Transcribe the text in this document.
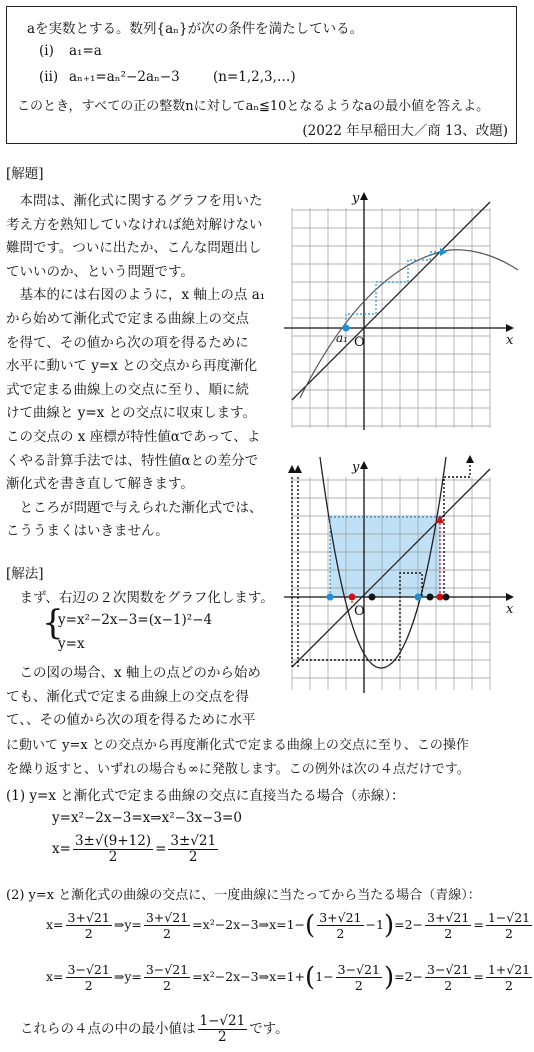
aを実数とする。数列{aₙ}が次の条件を満たしている。
(i) a₁=a
(ii) aₙ₊₁=aₙ²−2aₙ−3 (n=1,2,3,…)
このとき，すべての正の整数nに対してaₙ≦10となるようなaの最小値を答えよ。
(2022 年早稲田大／商 13、改題)
[解題]

　本問は、漸化式に関するグラフを用いた

考え方を熟知していなければ絶対解けない

難問です。ついに出たか、こんな問題出し

ていいのか、という問題です。

　基本的には右図のように，x 軸上の点 a₁

から始めて漸化式で定まる曲線上の交点

を得て、その値から次の項を得るために

水平に動いて y=x との交点から再度漸化

式で定まる曲線上の交点に至り、順に続

けて曲線と y=x との交点に収束します。

この交点の x 座標が特性値αであって、よ

くやる計算手法では、特性値αとの差分で

漸化式を書き直して解きます。

　ところが問題で与えられた漸化式では、

こううまくはいきません。

[解法]
　まず、右辺の２次関数をグラフ化します。
{
y=x²−2x−3=(x−1)²−4
y=x

　この図の場合、x 軸上の点どのから始め

ても、漸化式で定まる曲線上の交点を得

て、、その値から次の項を得るために水平

に動いて y=x との交点から再度漸化式で定まる曲線上の交点に至り、この操作

を繰り返すと、いずれの場合も∞に発散します。この例外は次の４点だけです。

(1) y=x と漸化式で定まる曲線の交点に直接当たる場合（赤線）：
y=x²−2x−3=x⇒x²−3x−3=0
$x= \frac{3\pm√(9+12)}{2} = \frac{3\pm√21}{2}$
(2) y=x と漸化式の曲線の交点に、一度曲線に当たってから当たる場合（青線）：
$x= \frac{3+√21}{2}$ ⇒y= $\frac{3+√21}{2}$ =x²−2x−3⇒x=1−( $\frac{3+√21}{2} -1)=2- \frac{3+√21}{2} = \frac{1-√21}{2}$
$x= \frac{3-√21}{2}$ ⇒y= $\frac{3-√21}{2}$ =x²−2x−3⇒x=1+(1− $\frac{3-√21}{2} )=2- \frac{3-√21}{2} = \frac{1+√21}{2}$
これらの４点の中の最小値は $\frac{1-√21}{2}$ です。
y
x
O
a₁
y
x
O
